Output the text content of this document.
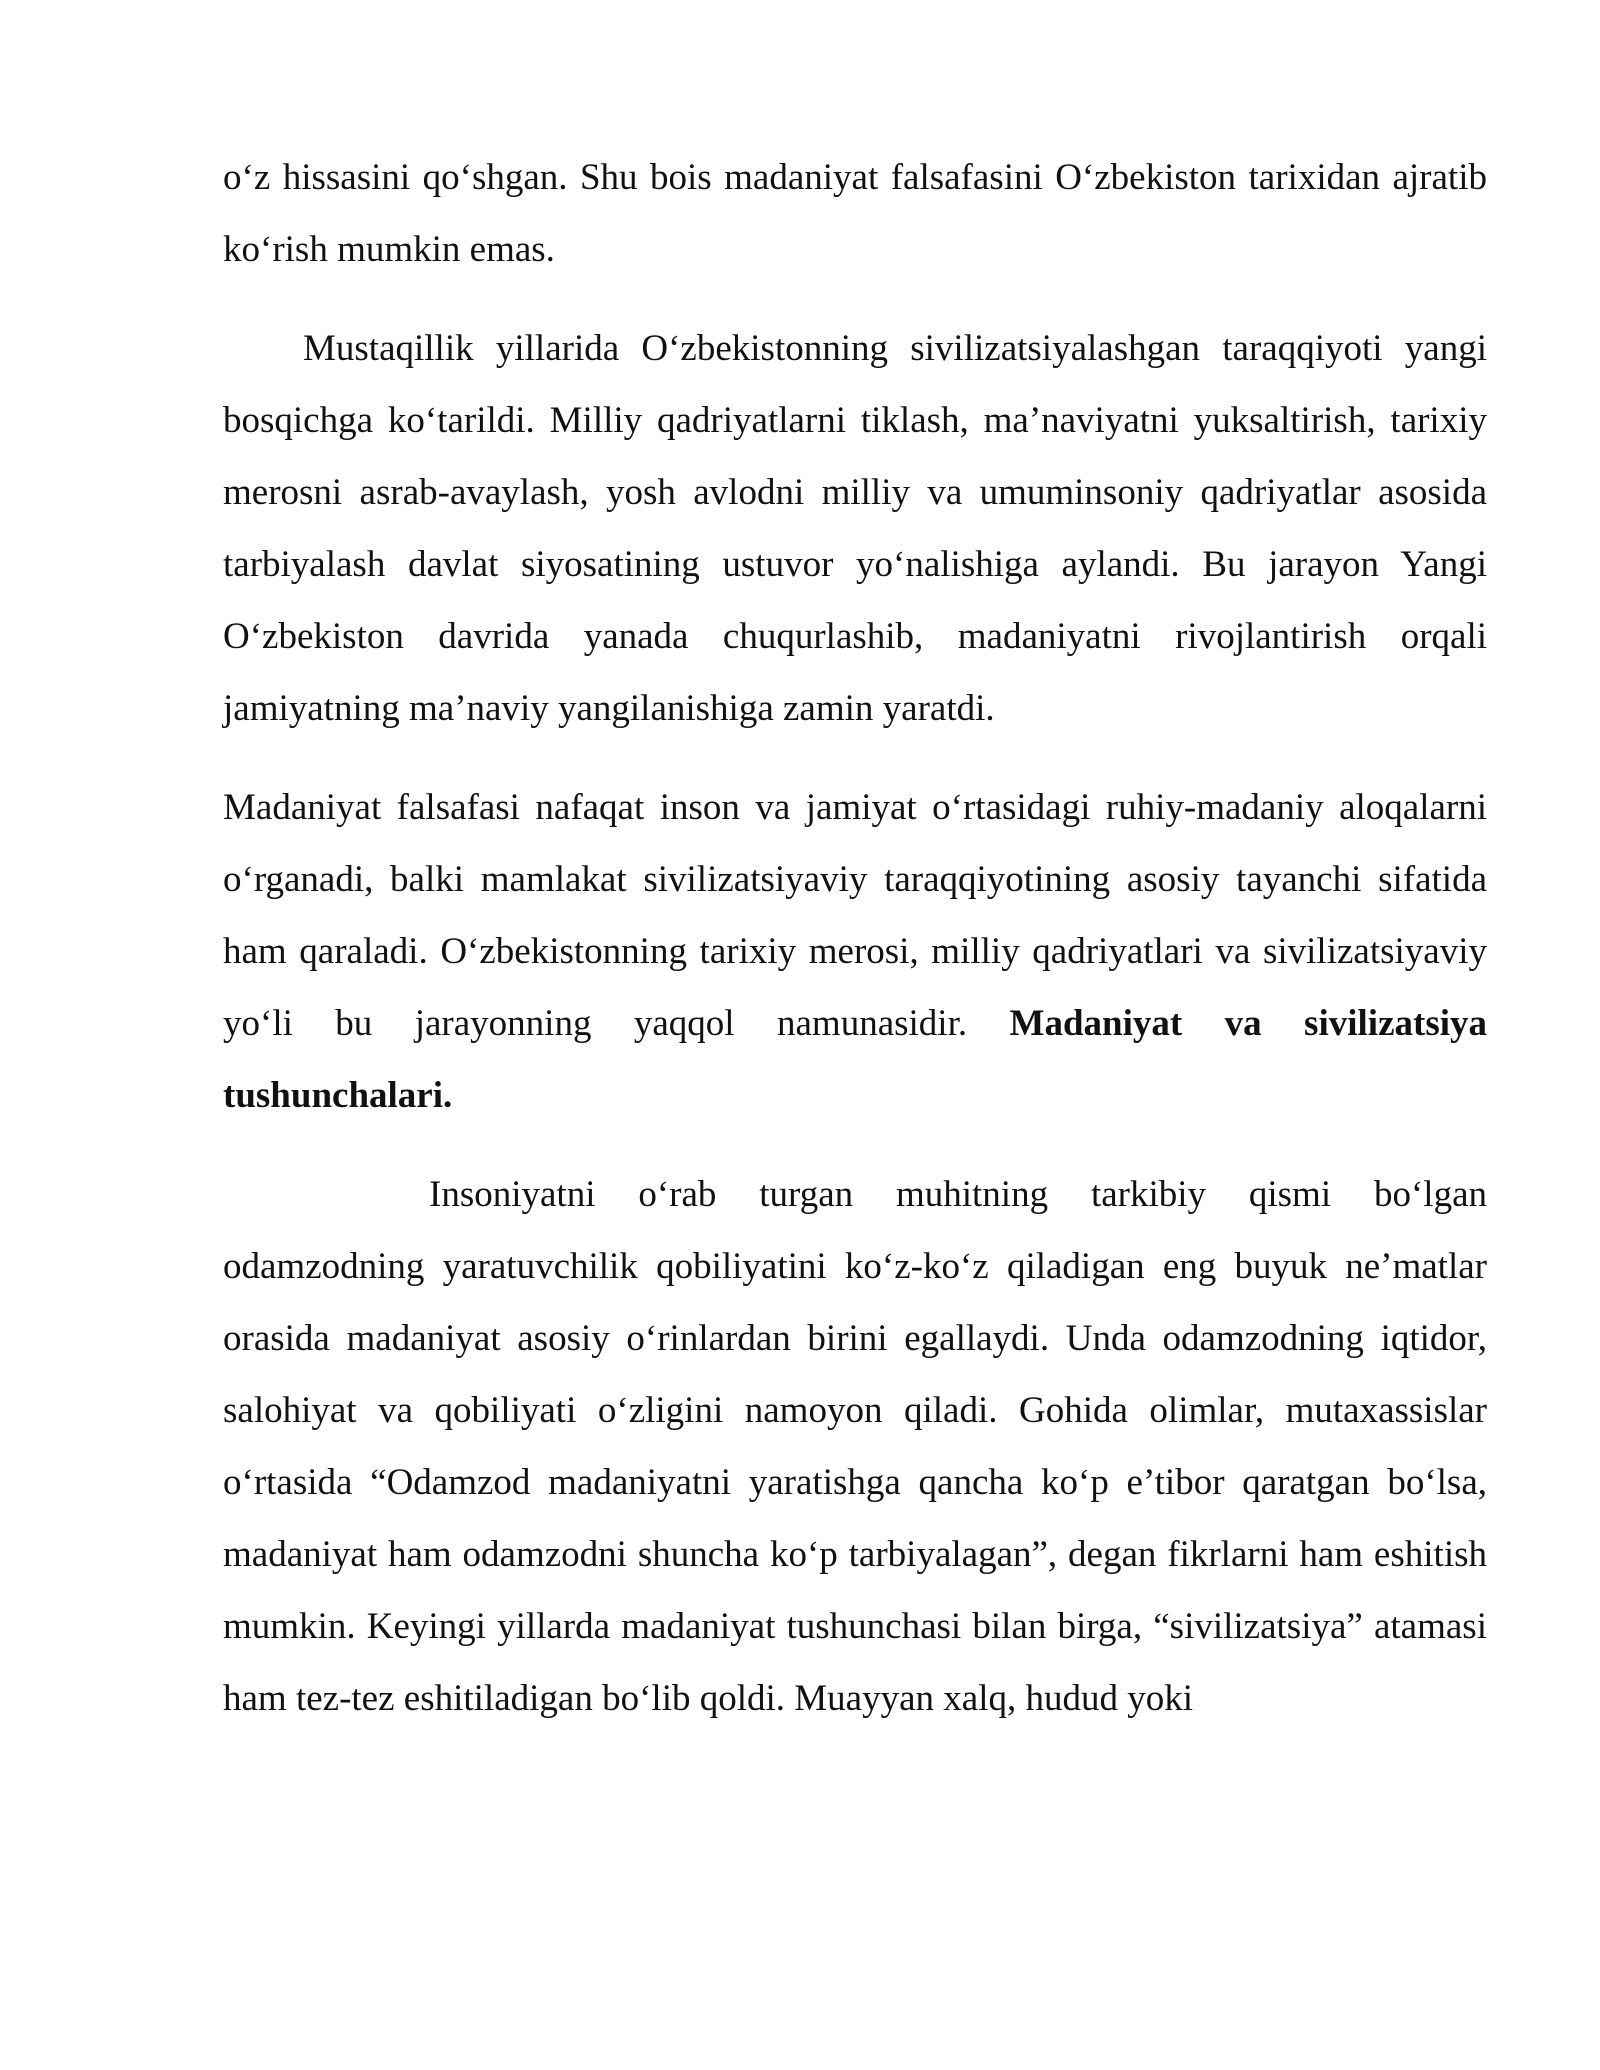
o‘z hissasini qo‘shgan. Shu bois madaniyat falsafasini O‘zbekiston tarixidan ajratib ko‘rish mumkin emas.

Mustaqillik yillarida O‘zbekistonning sivilizatsiyalashgan taraqqiyoti yangi bosqichga ko‘tarildi. Milliy qadriyatlarni tiklash, ma’naviyatni yuksaltirish, tarixiy merosni asrab-avaylash, yosh avlodni milliy va umuminsoniy qadriyatlar asosida tarbiyalash davlat siyosatining ustuvor yo‘nalishiga aylandi. Bu jarayon Yangi O‘zbekiston davrida yanada chuqurlashib, madaniyatni rivojlantirish orqali jamiyatning ma’naviy yangilanishiga zamin yaratdi.

Madaniyat falsafasi nafaqat inson va jamiyat o‘rtasidagi ruhiy-madaniy aloqalarni o‘rganadi, balki mamlakat sivilizatsiyaviy taraqqiyotining asosiy tayanchi sifatida ham qaraladi. O‘zbekistonning tarixiy merosi, milliy qadriyatlari va sivilizatsiyaviy yo‘li bu jarayonning yaqqol namunasidir. Madaniyat va sivilizatsiya tushunchalari.

Insoniyatni o‘rab turgan muhitning tarkibiy qismi bo‘lgan odamzodning yaratuvchilik qobiliyatini ko‘z-ko‘z qiladigan eng buyuk ne’matlar orasida madaniyat asosiy o‘rinlardan birini egallaydi. Unda odamzodning iqtidor, salohiyat va qobiliyati o‘zligini namoyon qiladi. Gohida olimlar, mutaxassislar o‘rtasida “Odamzod madaniyatni yaratishga qancha ko‘p e’tibor qaratgan bo‘lsa, madaniyat ham odamzodni shuncha ko‘p tarbiyalagan”, degan fikrlarni ham eshitish mumkin. Keyingi yillarda madaniyat tushunchasi bilan birga, “sivilizatsiya” atamasi ham tez-tez eshitiladigan bo‘lib qoldi. Muayyan xalq, hudud yoki
